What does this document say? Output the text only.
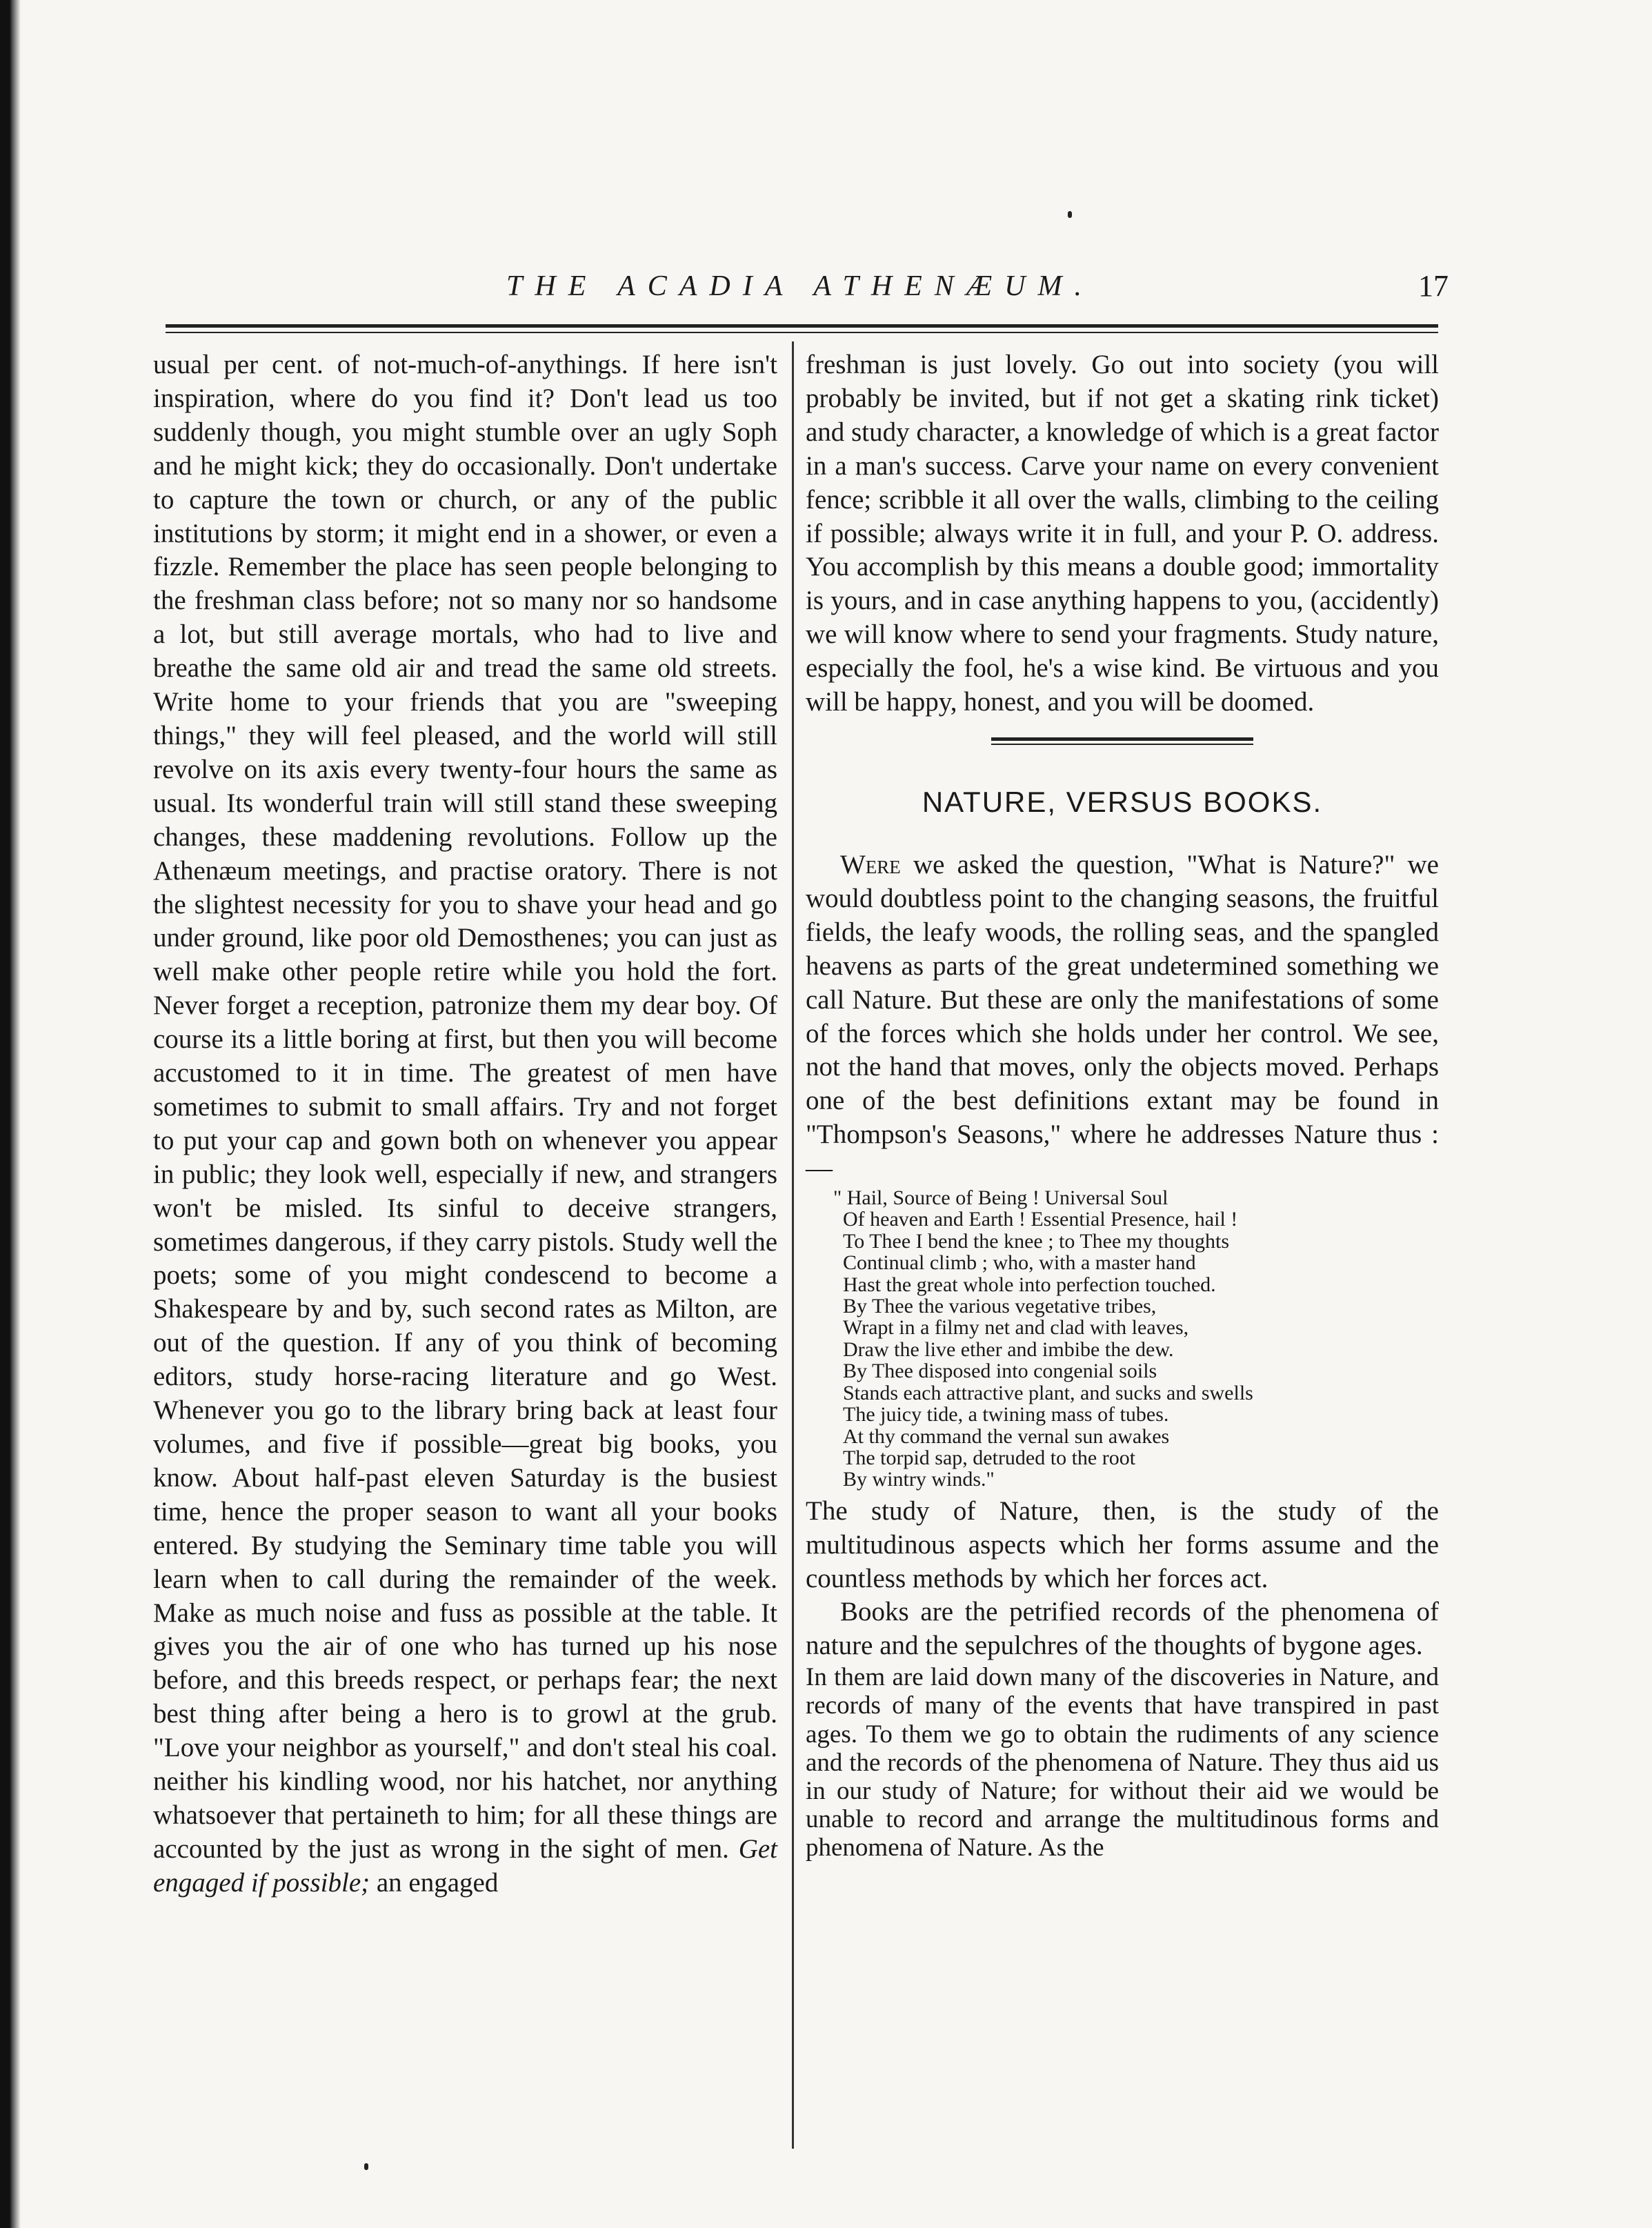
THE ACADIA ATHENÆUM.	17

usual per cent. of not-much-of-anythings. If here isn't inspiration, where do you find it? Don't lead us too suddenly though, you might stumble over an ugly Soph and he might kick; they do occasionally. Don't undertake to capture the town or church, or any of the public institutions by storm; it might end in a shower, or even a fizzle. Remember the place has seen people belonging to the freshman class before; not so many nor so handsome a lot, but still average mortals, who had to live and breathe the same old air and tread the same old streets. Write home to your friends that you are "sweeping things," they will feel pleased, and the world will still revolve on its axis every twenty-four hours the same as usual. Its wonderful train will still stand these sweeping changes, these maddening revolutions. Follow up the Athenæum meetings, and practise oratory. There is not the slightest necessity for you to shave your head and go under ground, like poor old Demosthenes; you can just as well make other people retire while you hold the fort. Never forget a reception, patronize them my dear boy. Of course its a little boring at first, but then you will become accustomed to it in time. The greatest of men have sometimes to submit to small affairs. Try and not forget to put your cap and gown both on whenever you appear in public; they look well, especially if new, and strangers won't be misled. Its sinful to deceive strangers, sometimes dangerous, if they carry pistols. Study well the poets; some of you might condescend to become a Shakespeare by and by, such second rates as Milton, are out of the question. If any of you think of becoming editors, study horse-racing literature and go West. Whenever you go to the library bring back at least four volumes, and five if possible—great big books, you know. About half-past eleven Saturday is the busiest time, hence the proper season to want all your books entered. By studying the Seminary time table you will learn when to call during the remainder of the week. Make as much noise and fuss as possible at the table. It gives you the air of one who has turned up his nose before, and this breeds respect, or perhaps fear; the next best thing after being a hero is to growl at the grub. "Love your neighbor as yourself," and don't steal his coal. neither his kindling wood, nor his hatchet, nor anything whatsoever that pertaineth to him; for all these things are accounted by the just as wrong in the sight of men. Get engaged if possible; an engaged

freshman is just lovely. Go out into society (you will probably be invited, but if not get a skating rink ticket) and study character, a knowledge of which is a great factor in a man's success. Carve your name on every convenient fence; scribble it all over the walls, climbing to the ceiling if possible; always write it in full, and your P. O. address. You accomplish by this means a double good; immortality is yours, and in case anything happens to you, (accidently) we will know where to send your fragments. Study nature, especially the fool, he's a wise kind. Be virtuous and you will be happy, honest, and you will be doomed.

NATURE, VERSUS BOOKS.

Were we asked the question, "What is Nature?" we would doubtless point to the changing seasons, the fruitful fields, the leafy woods, the rolling seas, and the spangled heavens as parts of the great undetermined something we call Nature. But these are only the manifestations of some of the forces which she holds under her control. We see, not the hand that moves, only the objects moved. Perhaps one of the best definitions extant may be found in "Thompson's Seasons," where he addresses Nature thus :—

" Hail, Source of Being ! Universal Soul
Of heaven and Earth ! Essential Presence, hail !
To Thee I bend the knee ; to Thee my thoughts
Continual climb ; who, with a master hand
Hast the great whole into perfection touched.
By Thee the various vegetative tribes,
Wrapt in a filmy net and clad with leaves,
Draw the live ether and imbibe the dew.
By Thee disposed into congenial soils
Stands each attractive plant, and sucks and swells
The juicy tide, a twining mass of tubes.
At thy command the vernal sun awakes
The torpid sap, detruded to the root
By wintry winds."

The study of Nature, then, is the study of the multitudinous aspects which her forms assume and the countless methods by which her forces act.

Books are the petrified records of the phenomena of nature and the sepulchres of the thoughts of bygone ages.

In them are laid down many of the discoveries in Nature, and records of many of the events that have transpired in past ages. To them we go to obtain the rudiments of any science and the records of the phenomena of Nature. They thus aid us in our study of Nature; for without their aid we would be unable to record and arrange the multitudinous forms and phenomena of Nature. As the
